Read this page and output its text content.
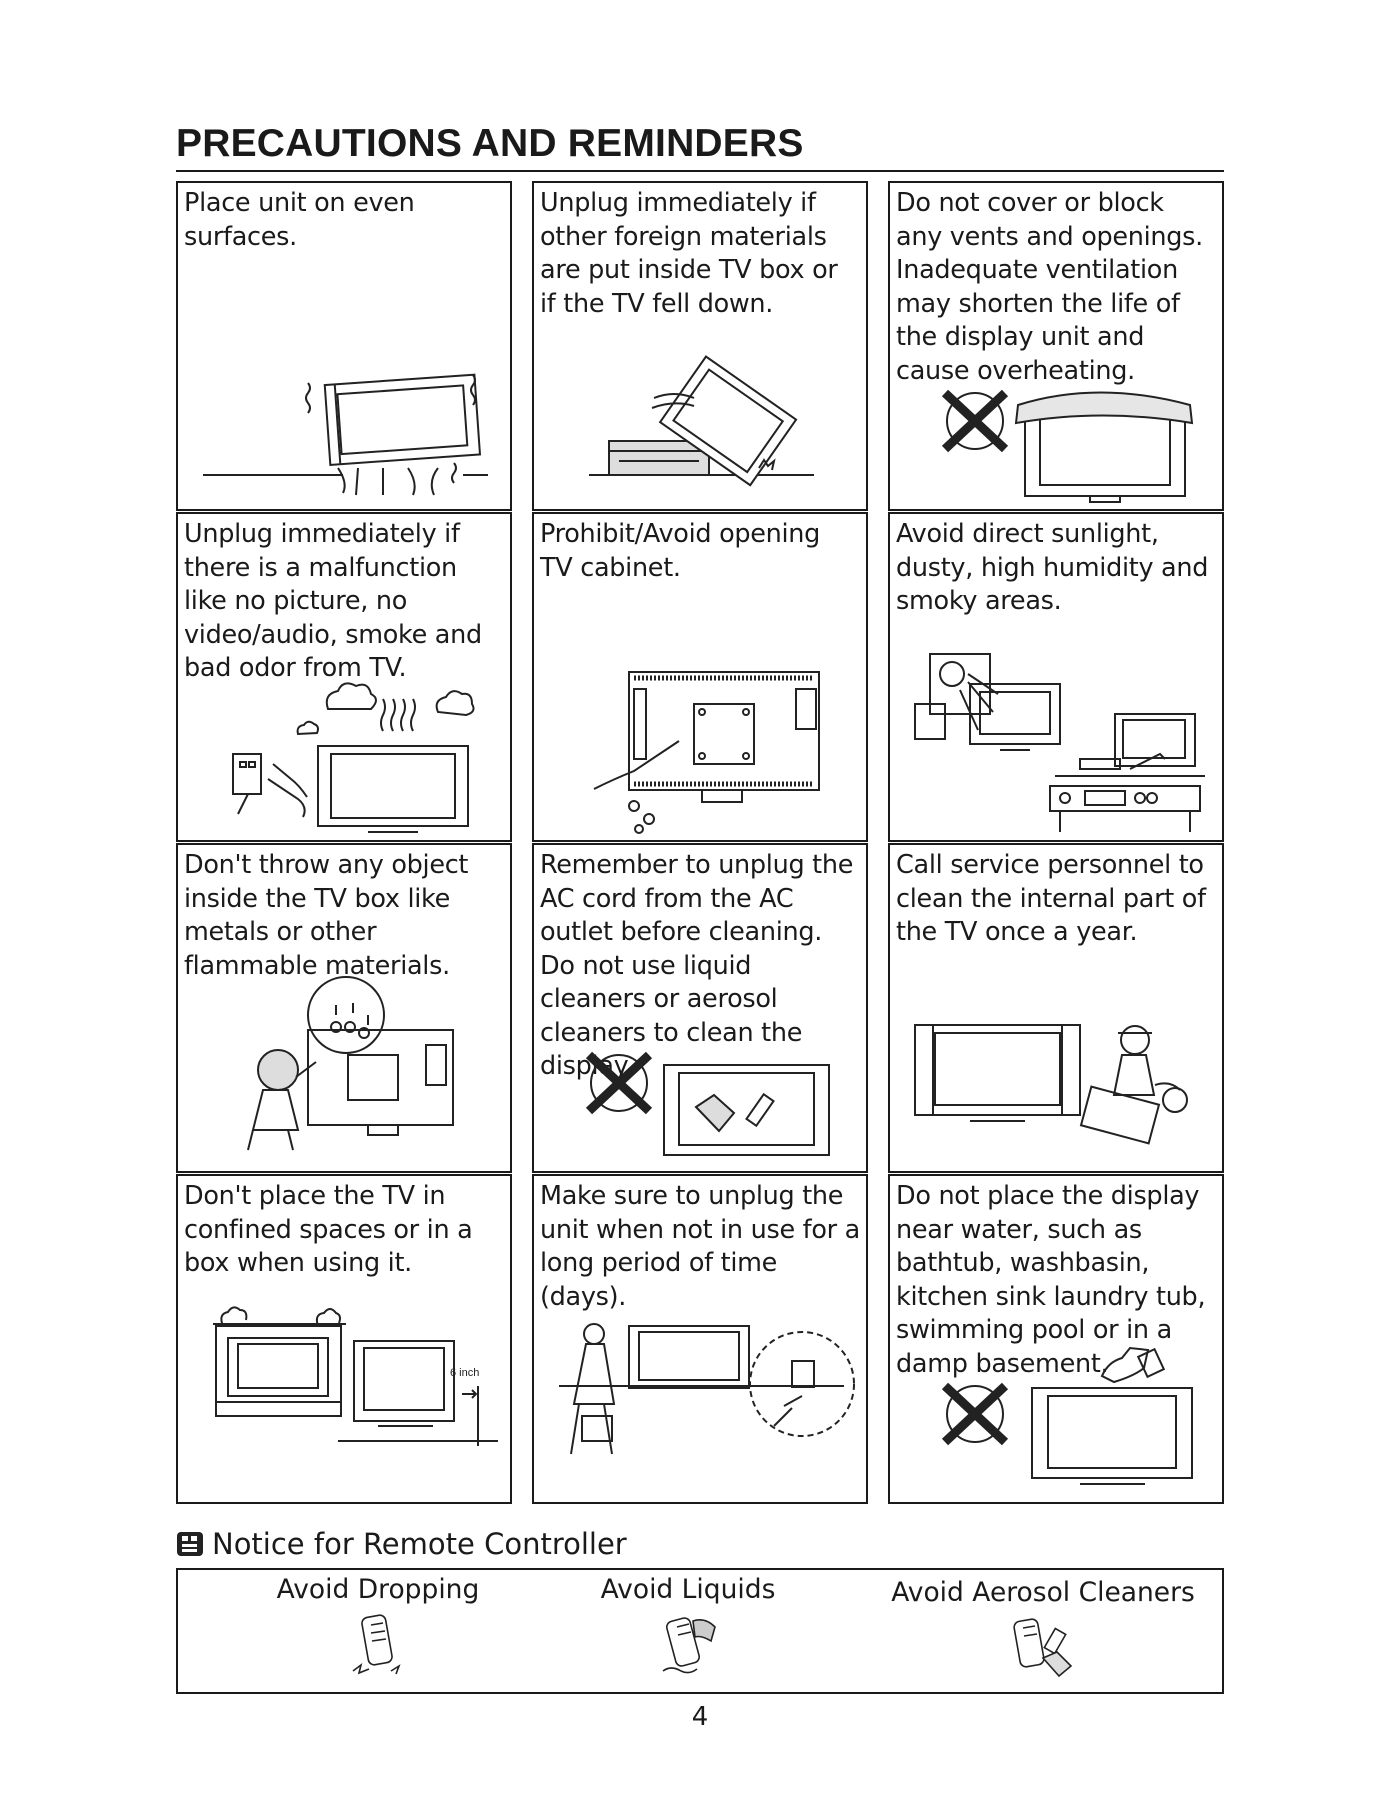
PRECAUTIONS AND REMINDERS
Place unit on even surfaces.
Unplug immediately if other foreign materials are put inside TV box or if the TV fell down.
Do not cover or block any vents and openings. Inadequate ventilation may shorten the life of the display unit and cause overheating.
Unplug immediately if there is a malfunction like no picture, no video/audio, smoke and bad odor from TV.
Prohibit/Avoid opening TV cabinet.
Avoid direct sunlight, dusty, high humidity and smoky areas.
Don't throw any object inside the TV box like metals or other flammable materials.
Remember to unplug the AC cord from the AC outlet before cleaning. Do not use liquid cleaners or aerosol cleaners to clean the display.
Call service personnel to clean the internal part of the TV once a year.
Don't place the TV in confined spaces or in a box when using it.
6 inch
Make sure to unplug the unit when not in use for a long period of time (days).
Do not place the display near water, such as bathtub, washbasin, kitchen sink laundry tub, swimming pool or in a damp basement.
Notice for Remote Controller
Avoid Dropping	Avoid Liquids	Avoid Aerosol Cleaners
4
